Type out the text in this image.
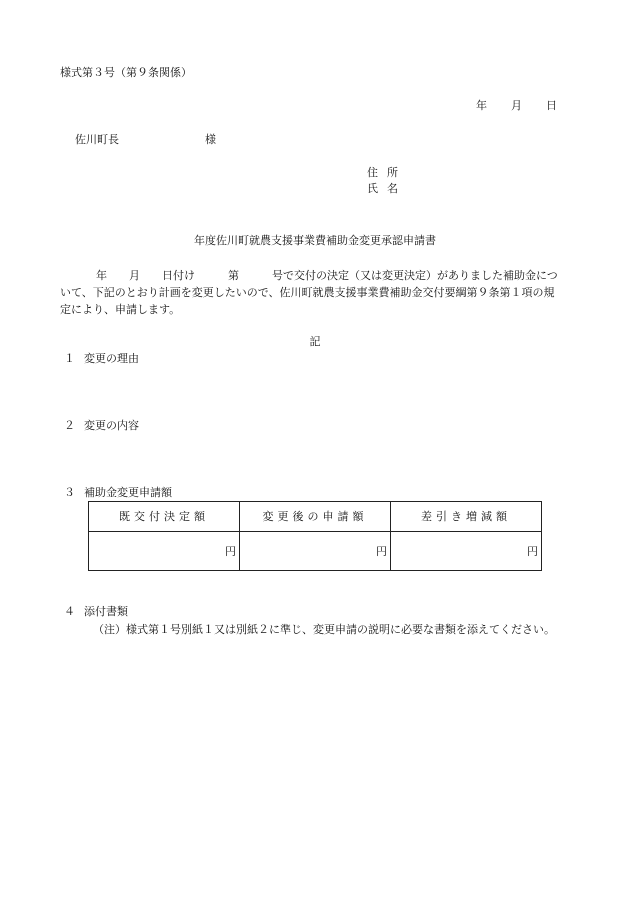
様式第３号（第９条関係）
年 月 日
佐川町長	様
住所
氏名
年度佐川町就農支援事業費補助金変更承認申請書
年　　月　　日付け　　　第　　　号で交付の決定（又は変更決定）がありました補助金につ
いて、下記のとおり計画を変更したいので、佐川町就農支援事業費補助金交付要綱第９条第１項の規
定により、申請します。
記
１ 変更の理由
２ 変更の内容
３ 補助金変更申請額
既交付決定額	変更後の申請額	差引き増減額
円	円	円
４ 添付書類
（注）様式第１号別紙１又は別紙２に準じ、変更申請の説明に必要な書類を添えてください。
